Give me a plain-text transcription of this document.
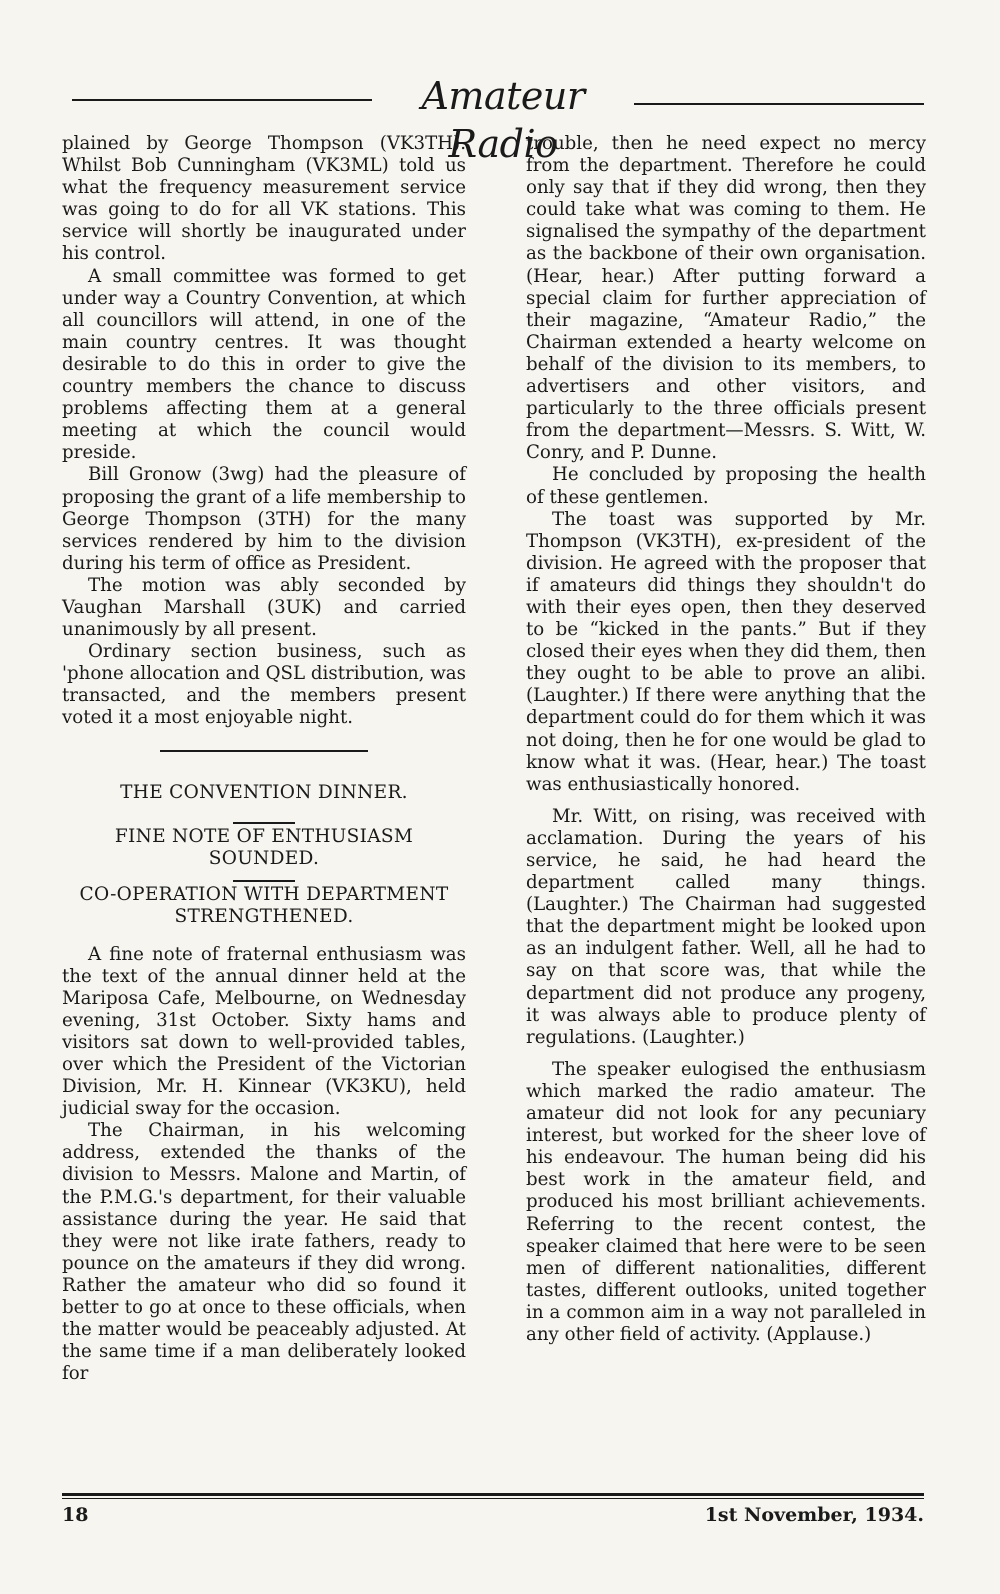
Amateur Radio

plained by George Thompson (VK3TH). Whilst Bob Cunningham (VK3ML) told us what the frequency measurement service was going to do for all VK stations. This service will shortly be inaugurated under his control.

A small committee was formed to get under way a Country Convention, at which all councillors will attend, in one of the main country centres. It was thought desirable to do this in order to give the country members the chance to discuss problems affecting them at a general meeting at which the council would preside.

Bill Gronow (3wg) had the pleasure of proposing the grant of a life membership to George Thompson (3TH) for the many services rendered by him to the division during his term of office as President.

The motion was ably seconded by Vaughan Marshall (3UK) and carried unanimously by all present.

Ordinary section business, such as 'phone allocation and QSL distribution, was transacted, and the members present voted it a most enjoyable night.

THE CONVENTION DINNER.
FINE NOTE OF ENTHUSIASM SOUNDED.
CO-OPERATION WITH DEPARTMENT STRENGTHENED.

A fine note of fraternal enthusiasm was the text of the annual dinner held at the Mariposa Cafe, Melbourne, on Wednesday evening, 31st October. Sixty hams and visitors sat down to well-provided tables, over which the President of the Victorian Division, Mr. H. Kinnear (VK3KU), held judicial sway for the occasion.

The Chairman, in his welcoming address, extended the thanks of the division to Messrs. Malone and Martin, of the P.M.G.'s department, for their valuable assistance during the year. He said that they were not like irate fathers, ready to pounce on the amateurs if they did wrong. Rather the amateur who did so found it better to go at once to these officials, when the matter would be peaceably adjusted. At the same time if a man deliberately looked for

trouble, then he need expect no mercy from the department. Therefore he could only say that if they did wrong, then they could take what was coming to them. He signalised the sympathy of the department as the backbone of their own organisation. (Hear, hear.) After putting forward a special claim for further appreciation of their magazine, “Amateur Radio,” the Chairman extended a hearty welcome on behalf of the division to its members, to advertisers and other visitors, and particularly to the three officials present from the department—Messrs. S. Witt, W. Conry, and P. Dunne.

He concluded by proposing the health of these gentlemen.

The toast was supported by Mr. Thompson (VK3TH), ex-president of the division. He agreed with the proposer that if amateurs did things they shouldn't do with their eyes open, then they deserved to be “kicked in the pants.” But if they closed their eyes when they did them, then they ought to be able to prove an alibi. (Laughter.) If there were anything that the department could do for them which it was not doing, then he for one would be glad to know what it was. (Hear, hear.) The toast was enthusiastically honored.

Mr. Witt, on rising, was received with acclamation. During the years of his service, he said, he had heard the department called many things. (Laughter.) The Chairman had suggested that the department might be looked upon as an indulgent father. Well, all he had to say on that score was, that while the department did not produce any progeny, it was always able to produce plenty of regulations. (Laughter.)

The speaker eulogised the enthusiasm which marked the radio amateur. The amateur did not look for any pecuniary interest, but worked for the sheer love of his endeavour. The human being did his best work in the amateur field, and produced his most brilliant achievements. Referring to the recent contest, the speaker claimed that here were to be seen men of different nationalities, different tastes, different outlooks, united together in a common aim in a way not paralleled in any other field of activity. (Applause.)

18	1st November, 1934.
